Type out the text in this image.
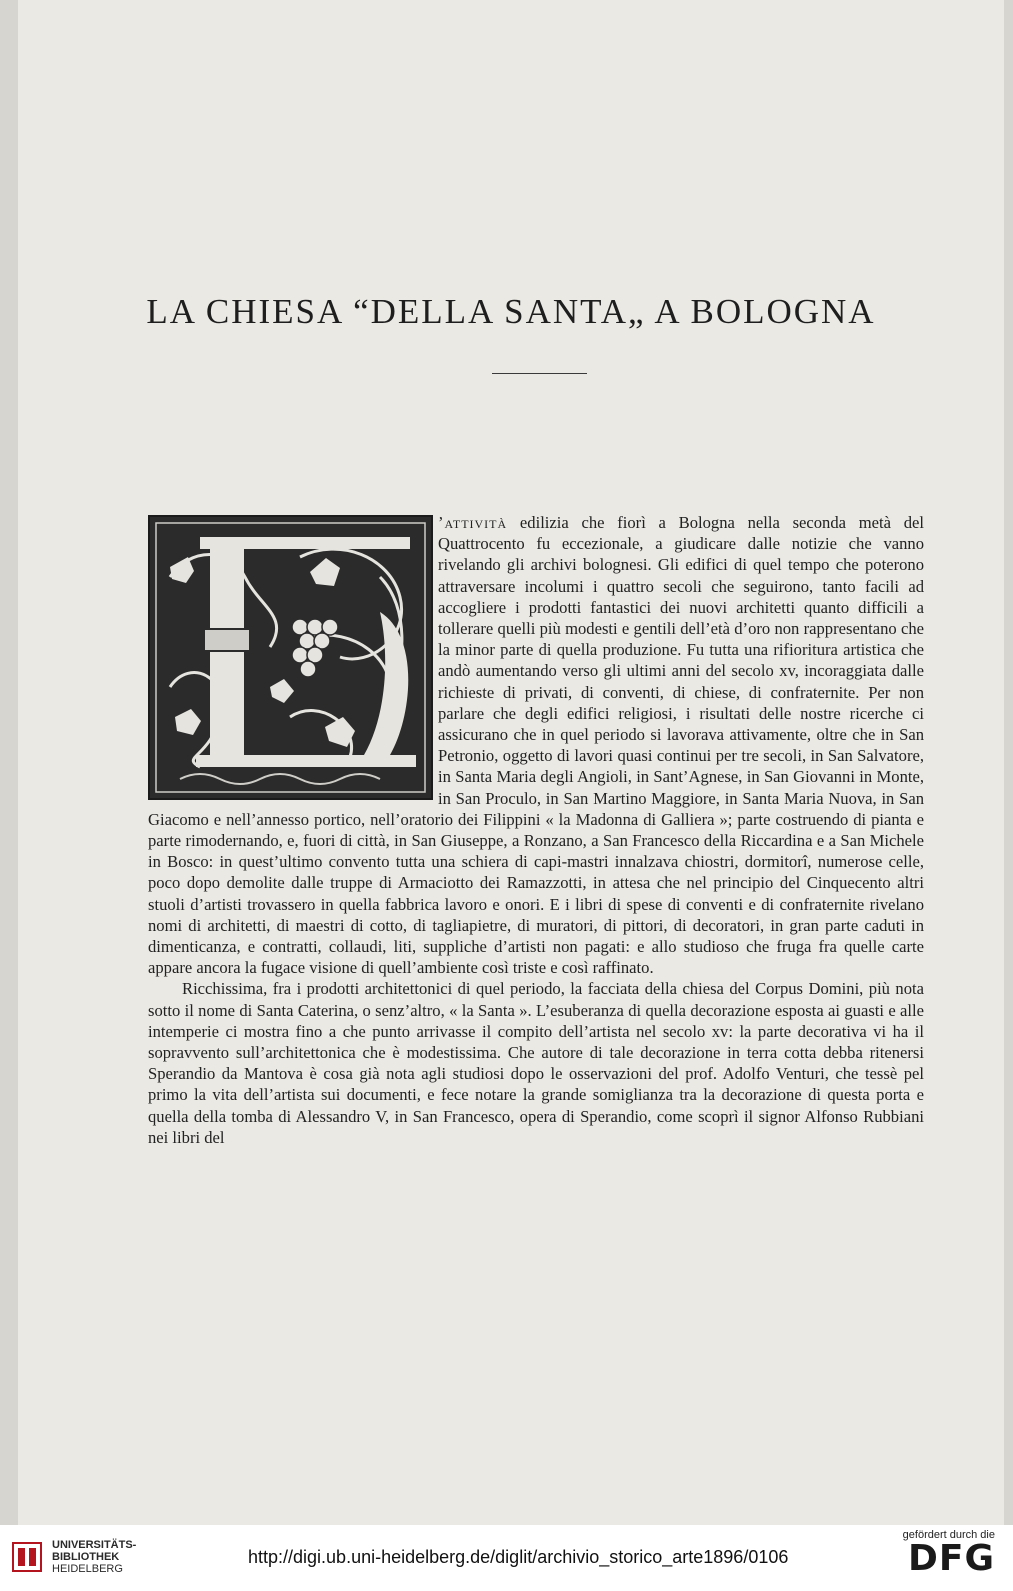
LA CHIESA “DELLA SANTA„ A BOLOGNA

’attività edilizia che fiorì a Bologna nella seconda metà del Quattrocento fu eccezionale, a giudicare dalle notizie che vanno rivelando gli archivi bolognesi. Gli edifici di quel tempo che poterono attraversare incolumi i quattro secoli che seguirono, tanto facili ad accogliere i prodotti fantastici dei nuovi architetti quanto difficili a tollerare quelli più modesti e gentili dell’età d’oro non rappresentano che la minor parte di quella produzione. Fu tutta una rifioritura artistica che andò aumentando verso gli ultimi anni del secolo xv, incoraggiata dalle richieste di privati, di conventi, di chiese, di confraternite. Per non parlare che degli edifici religiosi, i risultati delle nostre ricerche ci assicurano che in quel periodo si lavorava attivamente, oltre che in San Petronio, oggetto di lavori quasi continui per tre secoli, in San Salvatore, in Santa Maria degli Angioli, in Sant’Agnese, in San Giovanni in Monte, in San Proculo, in San Martino Maggiore, in Santa Maria Nuova, in San Giacomo e nell’annesso portico, nell’oratorio dei Filippini « la Madonna di Galliera »; parte costruendo di pianta e parte rimodernando, e, fuori di città, in San Giuseppe, a Ronzano, a San Francesco della Riccardina e a San Michele in Bosco: in quest’ultimo convento tutta una schiera di capi-mastri innalzava chiostri, dormitorî, numerose celle, poco dopo demolite dalle truppe di Armaciotto dei Ramazzotti, in attesa che nel principio del Cinquecento altri stuoli d’artisti trovassero in quella fabbrica lavoro e onori. E i libri di spese di conventi e di confraternite rivelano nomi di architetti, di maestri di cotto, di tagliapietre, di muratori, di pittori, di decoratori, in gran parte caduti in dimenticanza, e contratti, collaudi, liti, suppliche d’artisti non pagati: e allo studioso che fruga fra quelle carte appare ancora la fugace visione di quell’ambiente così triste e così raffinato.

Ricchissima, fra i prodotti architettonici di quel periodo, la facciata della chiesa del Corpus Domini, più nota sotto il nome di Santa Caterina, o senz’altro, « la Santa ». L’esuberanza di quella decorazione esposta ai guasti e alle intemperie ci mostra fino a che punto arrivasse il compito dell’artista nel secolo xv: la parte decorativa vi ha il sopravvento sull’architettonica che è modestissima. Che autore di tale decorazione in terra cotta debba ritenersi Sperandio da Mantova è cosa già nota agli studiosi dopo le osservazioni del prof. Adolfo Venturi, che tessè pel primo la vita dell’artista sui documenti, e fece notare la grande somiglianza tra la decorazione di questa porta e quella della tomba di Alessandro V, in San Francesco, opera di Sperandio, come scoprì il signor Alfonso Rubbiani nei libri del

UNIVERSITÄTS-
BIBLIOTHEK
HEIDELBERG
http://digi.ub.uni-heidelberg.de/diglit/archivio_storico_arte1896/0106
gefördert durch die
DFG
